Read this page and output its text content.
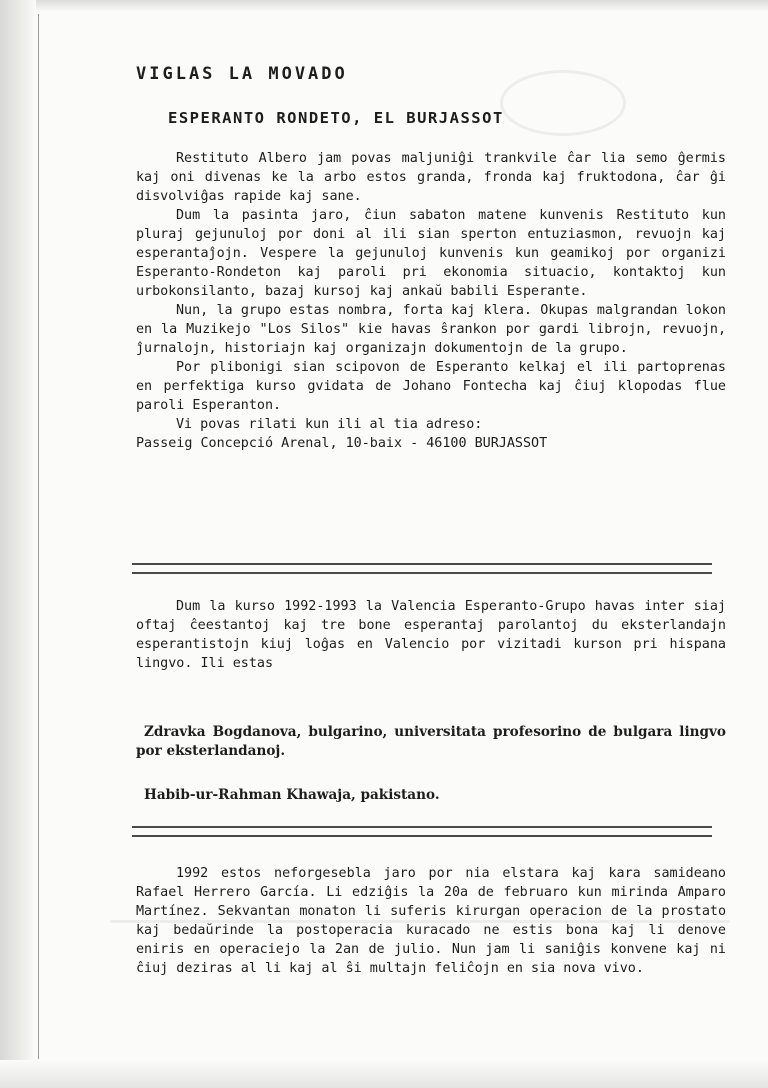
VIGLAS LA MOVADO
ESPERANTO RONDETO, EL BURJASSOT

Restituto Albero jam povas maljuniĝi trankvile ĉar lia semo ĝermis kaj oni divenas ke la arbo estos granda, fronda kaj fruktodona, ĉar ĝi disvolviĝas rapide kaj sane.

Dum la pasinta jaro, ĉiun sabaton matene kunvenis Restituto kun pluraj gejunuloj por doni al ili sian sperton entuziasmon, revuojn kaj esperantaĵojn. Vespere la gejunuloj kunvenis kun geamikoj por organizi Esperanto-Rondeton kaj paroli pri ekonomia situacio, kontaktoj kun urbokonsilanto, bazaj kursoj kaj ankaŭ babili Esperante.

Nun, la grupo estas nombra, forta kaj klera. Okupas malgrandan lokon en la Muzikejo "Los Silos" kie havas ŝrankon por gardi librojn, revuojn, ĵurnalojn, historiajn kaj organizajn dokumentojn de la grupo.

Por plibonigi sian scipovon de Esperanto kelkaj el ili partoprenas en perfektiga kurso gvidata de Johano Fontecha kaj ĉiuj klopodas flue paroli Esperanton.

Vi povas rilati kun ili al tia adreso:

Passeig Concepció Arenal, 10-baix - 46100 BURJASSOT

Dum la kurso 1992-1993 la Valencia Esperanto-Grupo havas inter siaj oftaj ĉeestantoj kaj tre bone esperantaj parolantoj du eksterlandajn esperantistojn kiuj loĝas en Valencio por vizitadi kurson pri hispana lingvo. Ili estas

Zdravka Bogdanova, bulgarino, universitata profesorino de bulgara lingvo por eksterlandanoj.

Habib-ur-Rahman Khawaja, pakistano.

1992 estos neforgesebla jaro por nia elstara kaj kara samideano Rafael Herrero García. Li edziĝis la 20a de februaro kun mirinda Amparo Martínez. Sekvantan monaton li suferis kirurgan operacion de la prostato kaj bedaŭrinde la postoperacia kuracado ne estis bona kaj li denove eniris en operaciejo la 2an de julio. Nun jam li saniĝis konvene kaj ni ĉiuj deziras al li kaj al ŝi multajn feliĉojn en sia nova vivo.
